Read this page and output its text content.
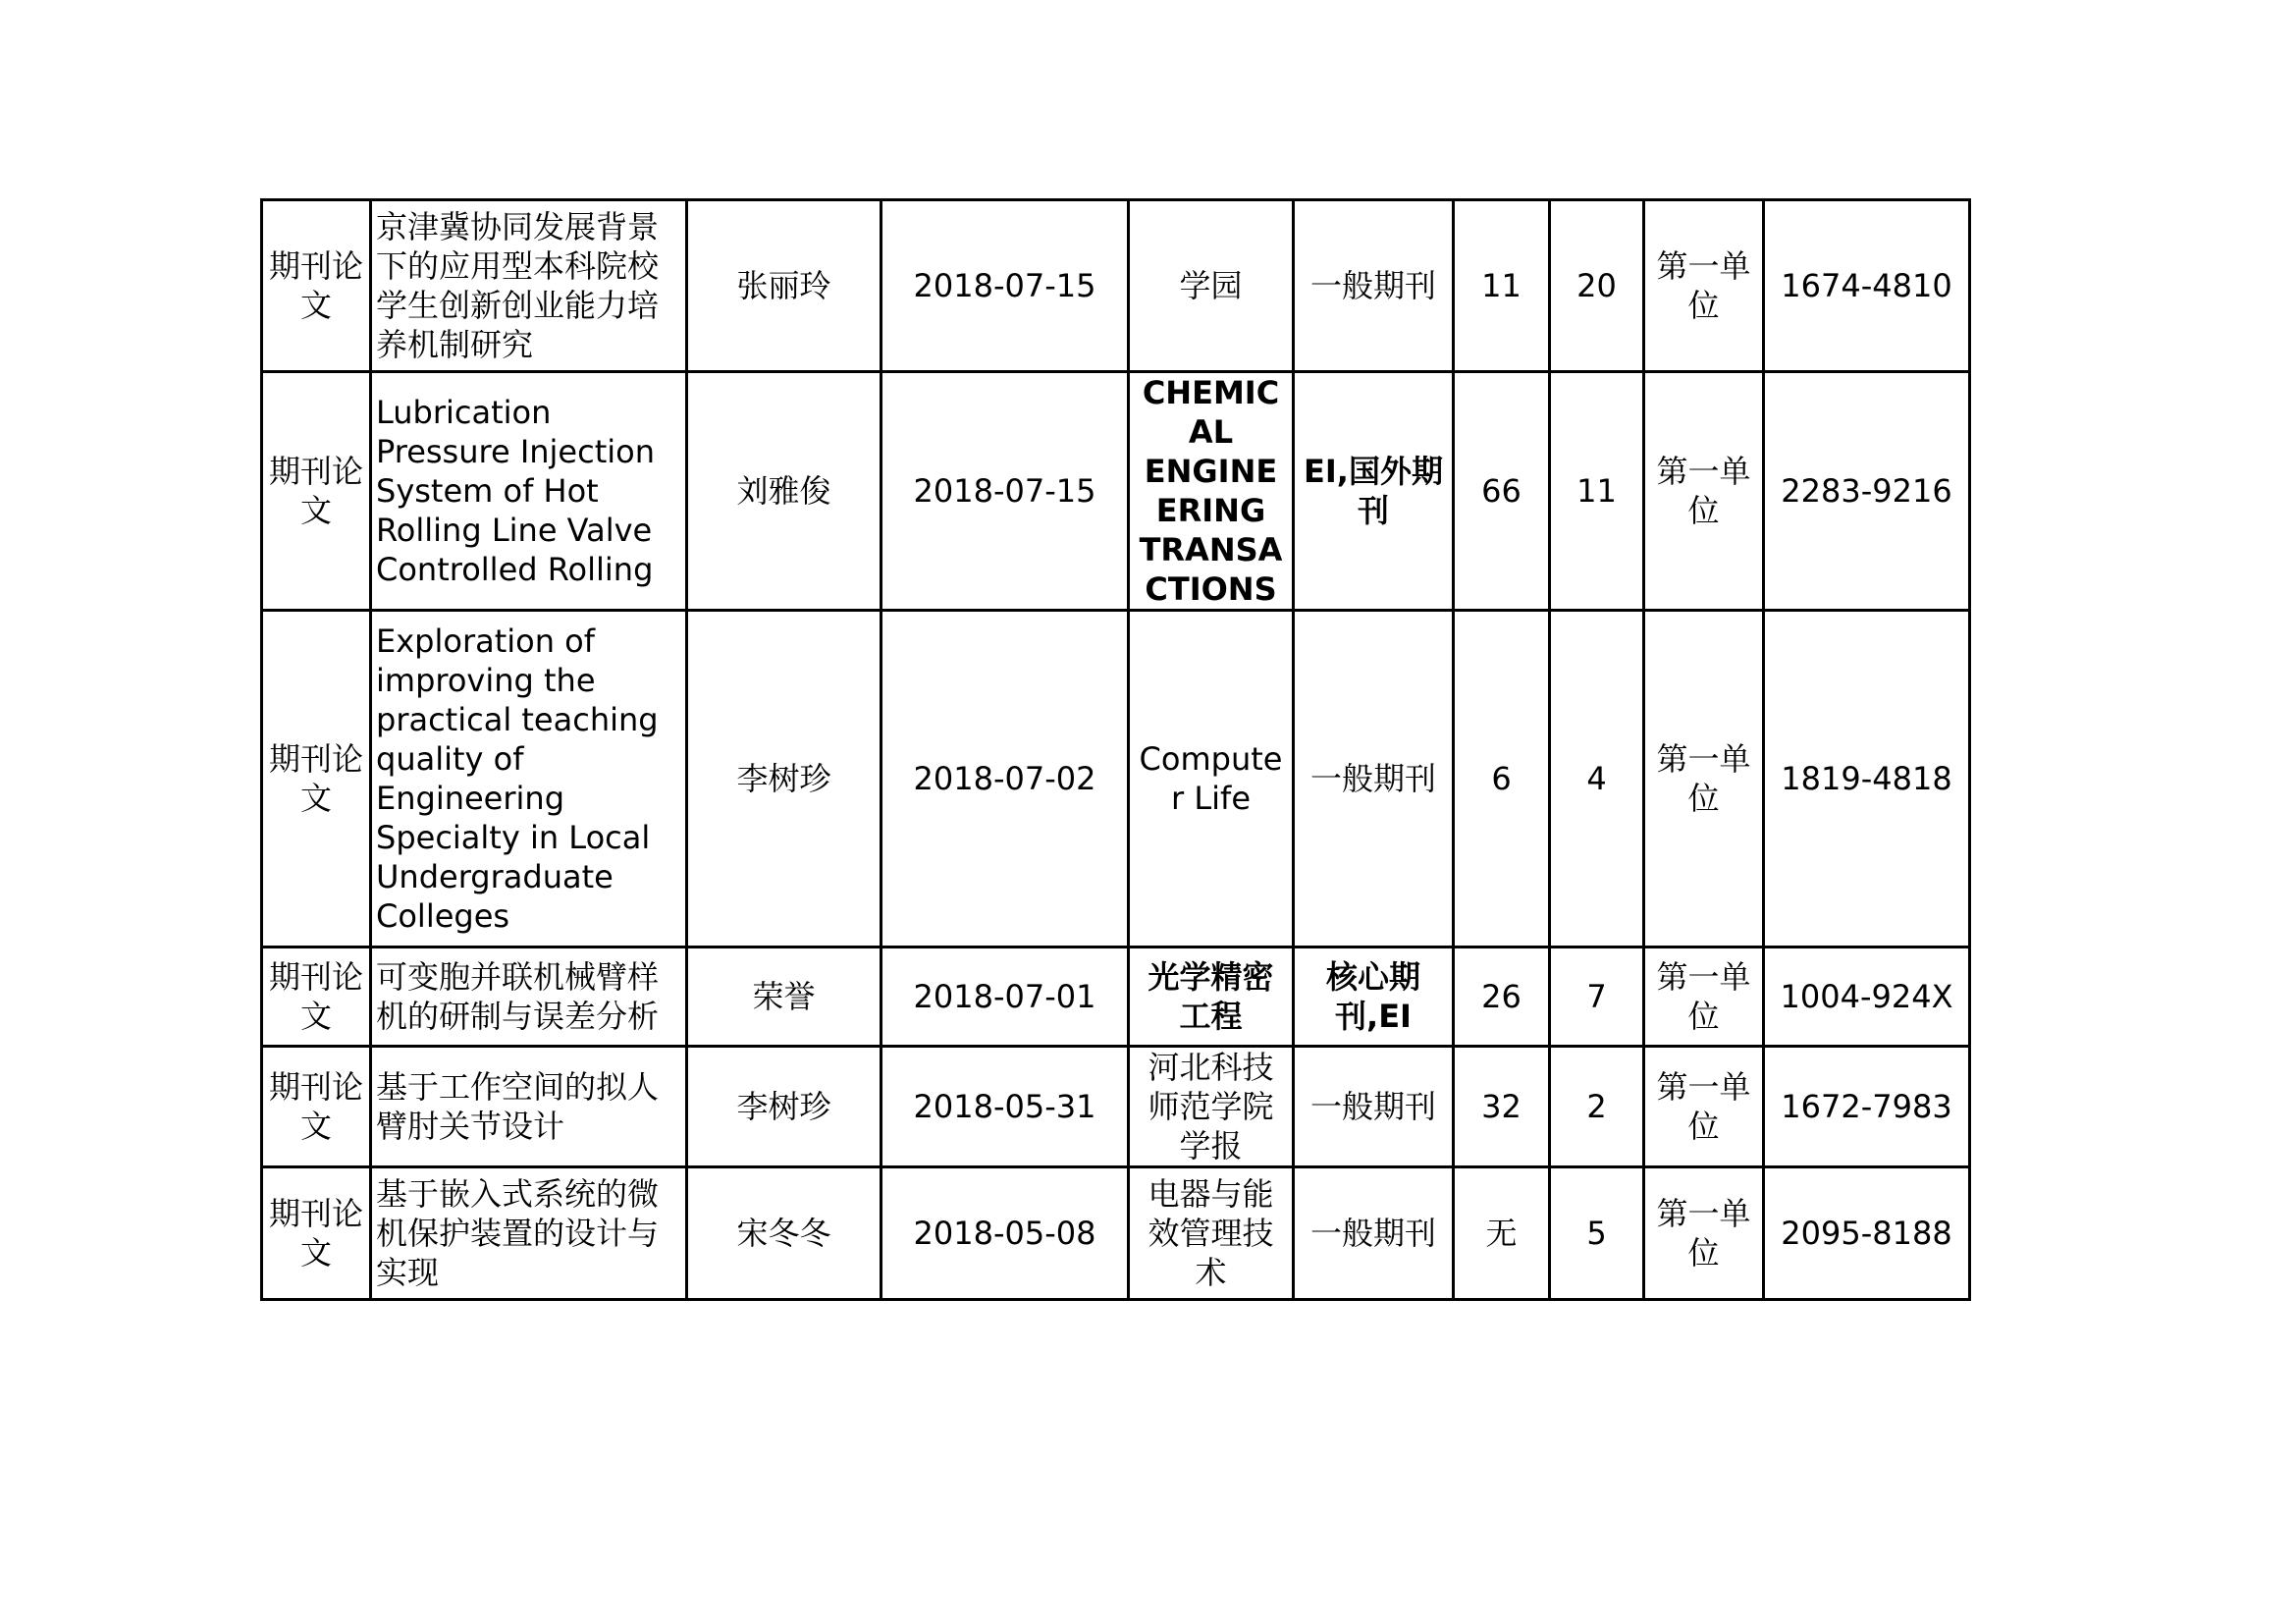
期刊论文	京津冀协同发展背景下的应用型本科院校学生创新创业能力培养机制研究	张丽玲	2018-07-15	学园	一般期刊	11	20	第一单位	1674-4810
期刊论文	Lubrication Pressure Injection System of Hot Rolling Line Valve Controlled Rolling	刘雅俊	2018-07-15	CHEMICAL ENGINEERING TRANSACTIONS	EI,国外期刊	66	11	第一单位	2283-9216
期刊论文	Exploration of improving the practical teaching quality of Engineering Specialty in Local Undergraduate Colleges	李树珍	2018-07-02	Computer Life	一般期刊	6	4	第一单位	1819-4818
期刊论文	可变胞并联机械臂样机的研制与误差分析	荣誉	2018-07-01	光学精密工程	核心期刊,EI	26	7	第一单位	1004-924X
期刊论文	基于工作空间的拟人臂肘关节设计	李树珍	2018-05-31	河北科技师范学院学报	一般期刊	32	2	第一单位	1672-7983
期刊论文	基于嵌入式系统的微机保护装置的设计与实现	宋冬冬	2018-05-08	电器与能效管理技术	一般期刊	无	5	第一单位	2095-8188
